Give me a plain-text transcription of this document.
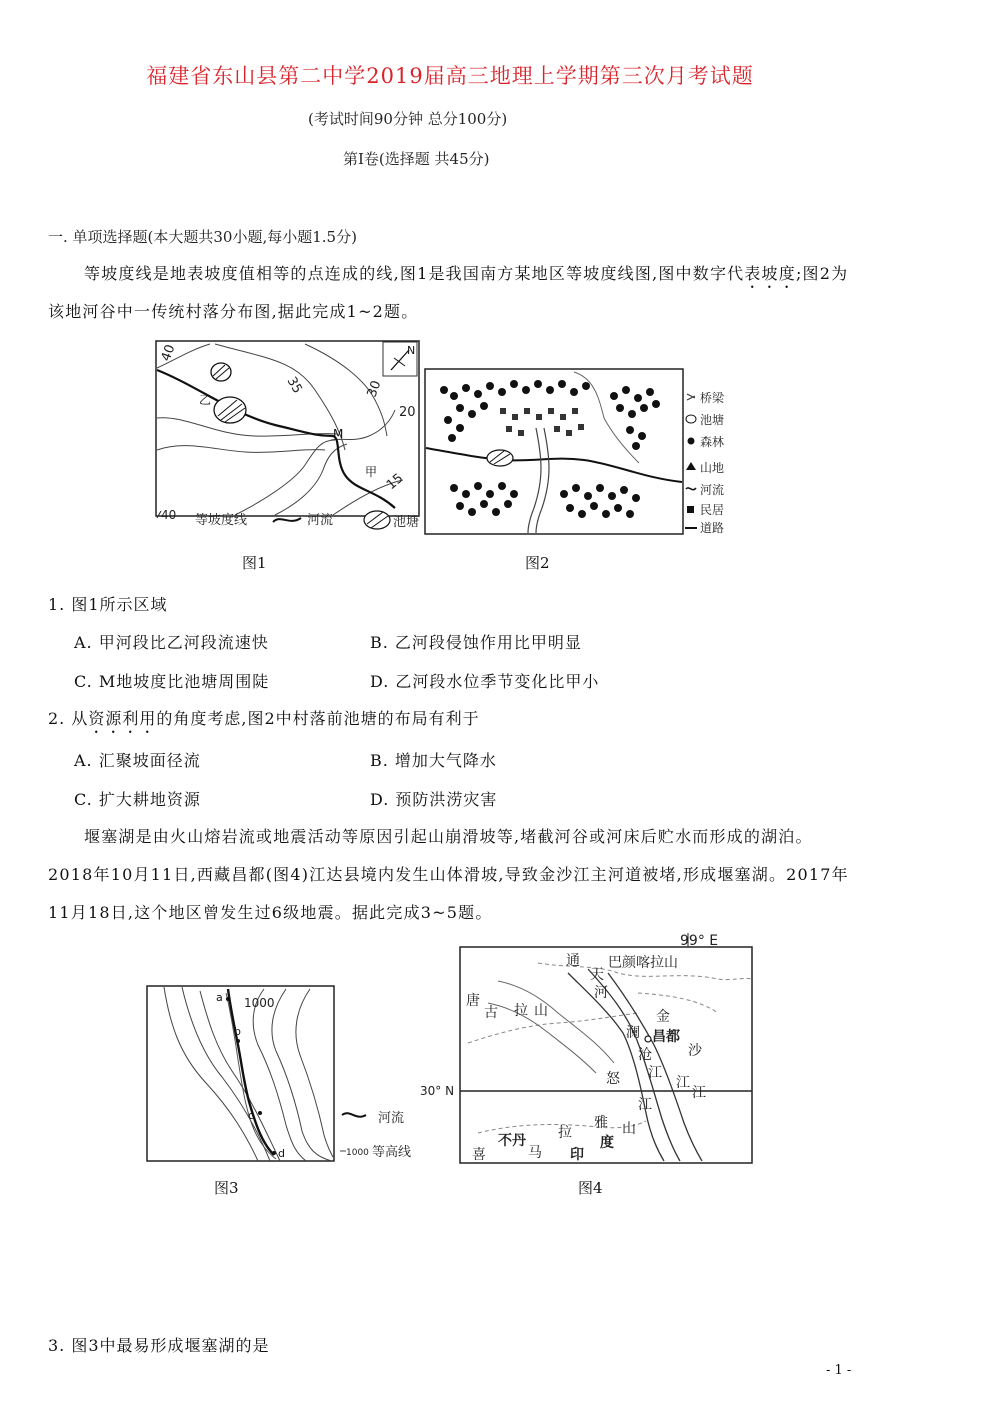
福建省东山县第二中学2019届高三地理上学期第三次月考试题
(考试时间90分钟 总分100分)
第Ⅰ卷(选择题 共45分)
一. 单项选择题(本大题共30小题,每小题1.5分)
等坡度线是地表坡度值相等的点连成的线,图1是我国南方某地区等坡度线图,图中数字代表坡度;图2为该地河谷中一传统村落分布图,据此完成1~2题。
40
35	30
20
15
M
乙
甲
N
40 等坡度线	河流	池塘
桥梁
池塘
森林
山地
河流
民居
道路
图1	图2
1. 图1所示区域
A. 甲河段比乙河段流速快	B. 乙河段侵蚀作用比甲明显
C. M地坡度比池塘周围陡	D. 乙河段水位季节变化比甲小
2. 从资源利用的角度考虑,图2中村落前池塘的布局有利于
A. 汇聚坡面径流	B. 增加大气降水
C. 扩大耕地资源	D. 预防洪涝灾害
堰塞湖是由火山熔岩流或地震活动等原因引起山崩滑坡等,堵截河谷或河床后贮水而形成的湖泊。2018年10月11日,西藏昌都(图4)江达县境内发生山体滑坡,导致金沙江主河道被堵,形成堰塞湖。2017年11月18日,这个地区曾发生过6级地震。据此完成3~5题。
a
b
c
d
1000
河流
1000 等高线
99° E
30° N
巴颜喀拉山
通
天
河
唐
古 拉 山	金
澜 昌都
沙
沧
江
怒	江
江
江
雅 山
不丹 拉
喜	马 印
度
图3	图4
3. 图3中最易形成堰塞湖的是
- 1 -
